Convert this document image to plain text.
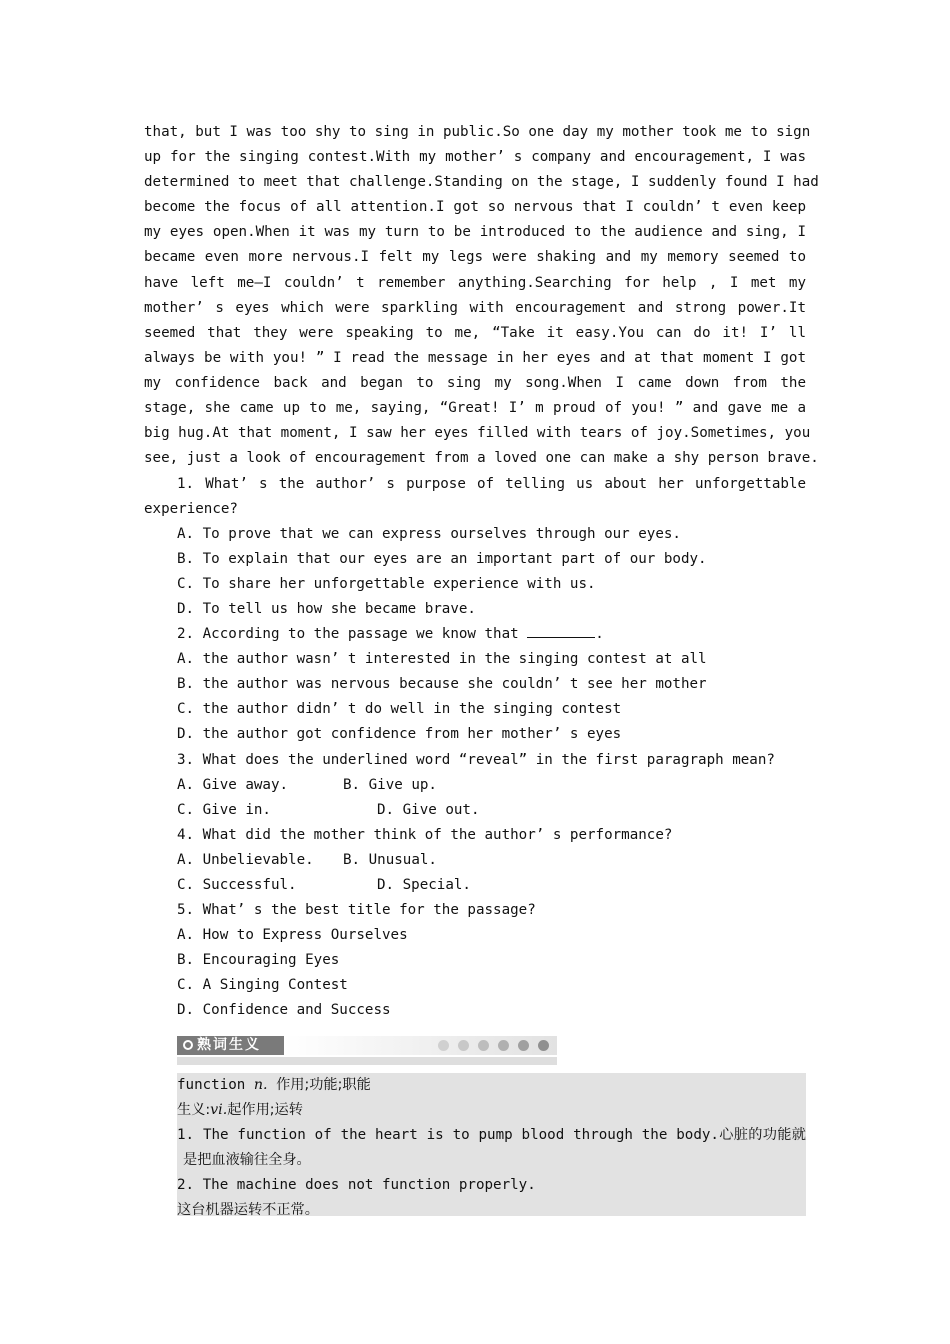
that, but I was too shy to sing in public.So one day my mother took me to sign
up for the singing contest.With my mother’ s company and encouragement, I was
determined to meet that challenge.Standing on the stage, I suddenly found I had
become the focus of all attention.I got so nervous that I couldn’ t even keep
my eyes open.When it was my turn to be introduced to the audience and sing, I
became even more nervous.I felt my legs were shaking and my memory seemed to
have left me—I couldn’ t remember anything.Searching for help , I met my
mother’ s eyes which were sparkling with encouragement and strong power.It
seemed that they were speaking to me, “Take it easy.You can do it! I’ ll
always be with you! ” I read the message in her eyes and at that moment I got
my confidence back and began to sing my song.When I came down from the
stage, she came up to me, saying, “Great! I’ m proud of you! ” and gave me a
big hug.At that moment, I saw her eyes filled with tears of joy.Sometimes, you
see, just a look of encouragement from a loved one can make a shy person brave.
1. What’ s the author’ s purpose of telling us about her unforgettable
experience?
A. To prove that we can express ourselves through our eyes.
B. To explain that our eyes are an important part of our body.
C. To share her unforgettable experience with us.
D. To tell us how she became brave.
2. According to the passage we know that	.
A. the author wasn’ t interested in the singing contest at all
B. the author was nervous because she couldn’ t see her mother
C. the author didn’ t do well in the singing contest
D. the author got confidence from her mother’ s eyes
3. What does the underlined word “reveal” in the first paragraph mean?
A. Give away.	B. Give up.
C. Give in.	D. Give out.
4. What did the mother think of the author’ s performance?
A. Unbelievable. B. Unusual.
C. Successful.	D. Special.
5. What’ s the best title for the passage?
A. How to Express Ourselves
B. Encouraging Eyes
C. A Singing Contest
D. Confidence and Success
熟词生义
function n. 作用;功能;职能
生义:vi.起作用;运转
1. The function of the heart is to pump blood through the body.心脏的功能就
是把血液输往全身。
2. The machine does not function properly.
这台机器运转不正常。
